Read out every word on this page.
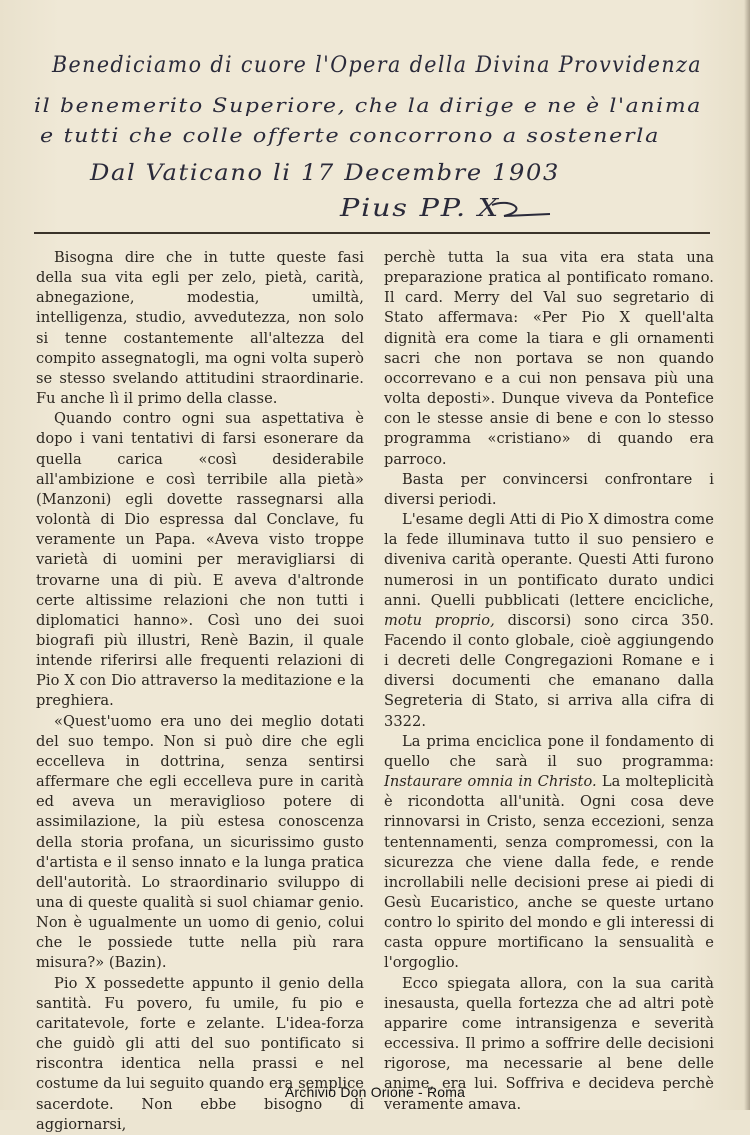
Benediciamo di cuore l'Opera della Divina Provvidenza
il benemerito Superiore, che la dirige e ne è l'anima
e tutti che colle offerte concorrono a sostenerla
Dal Vaticano li 17 Decembre 1903
Pius PP. X

Bisogna dire che in tutte queste fasi della sua vita egli per zelo, pietà, carità, abnegazione, modestia, umiltà, intelligenza, studio, avvedutezza, non solo si tenne costantemente all'altezza del compito assegnatogli, ma ogni volta superò se stesso svelando attitudini straordinarie. Fu anche lì il primo della classe.

Quando contro ogni sua aspettativa è dopo i vani tentativi di farsi esonerare da quella carica «così desiderabile all'ambizione e così terribile alla pietà» (Manzoni) egli dovette rassegnarsi alla volontà di Dio espressa dal Conclave, fu veramente un Papa. «Aveva visto troppe varietà di uomini per meravigliarsi di trovarne una di più. E aveva d'altronde certe altissime relazioni che non tutti i diplomatici hanno». Così uno dei suoi biografi più illustri, Renè Bazin, il quale intende riferirsi alle frequenti relazioni di Pio X con Dio attraverso la meditazione e la preghiera.

«Quest'uomo era uno dei meglio dotati del suo tempo. Non si può dire che egli eccelleva in dottrina, senza sentirsi affermare che egli eccelleva pure in carità ed aveva un meraviglioso potere di assimilazione, la più estesa conoscenza della storia profana, un sicurissimo gusto d'artista e il senso innato e la lunga pratica dell'autorità. Lo straordinario sviluppo di una di queste qualità si suol chiamar genio. Non è ugualmente un uomo di genio, colui che le possiede tutte nella più rara misura?» (Bazin).

Pio X possedette appunto il genio della santità. Fu povero, fu umile, fu pio e caritatevole, forte e zelante. L'idea-forza che guidò gli atti del suo pontificato si riscontra identica nella prassi e nel costume da lui seguito quando era semplice sacerdote. Non ebbe bisogno di aggiornarsi,

perchè tutta la sua vita era stata una preparazione pratica al pontificato romano. Il card. Merry del Val suo segretario di Stato affermava: «Per Pio X quell'alta dignità era come la tiara e gli ornamenti sacri che non portava se non quando occorrevano e a cui non pensava più una volta deposti». Dunque viveva da Pontefice con le stesse ansie di bene e con lo stesso programma «cristiano» di quando era parroco.

Basta per convincersi confrontare i diversi periodi.

L'esame degli Atti di Pio X dimostra come la fede illuminava tutto il suo pensiero e diveniva carità operante. Questi Atti furono numerosi in un pontificato durato undici anni. Quelli pubblicati (lettere encicliche, motu proprio, discorsi) sono circa 350. Facendo il conto globale, cioè aggiungendo i decreti delle Congregazioni Romane e i diversi documenti che emanano dalla Segreteria di Stato, si arriva alla cifra di 3322.

La prima enciclica pone il fondamento di quello che sarà il suo programma: Instaurare omnia in Christo. La molteplicità è ricondotta all'unità. Ogni cosa deve rinnovarsi in Cristo, senza eccezioni, senza tentennamenti, senza compromessi, con la sicurezza che viene dalla fede, e rende incrollabili nelle decisioni prese ai piedi di Gesù Eucaristico, anche se queste urtano contro lo spirito del mondo e gli interessi di casta oppure mortificano la sensualità e l'orgoglio.

Ecco spiegata allora, con la sua carità inesausta, quella fortezza che ad altri potè apparire come intransigenza e severità eccessiva. Il primo a soffrire delle decisioni rigorose, ma necessarie al bene delle anime, era lui. Soffriva e decideva perchè veramente amava.

Archivio Don Orione - Roma
